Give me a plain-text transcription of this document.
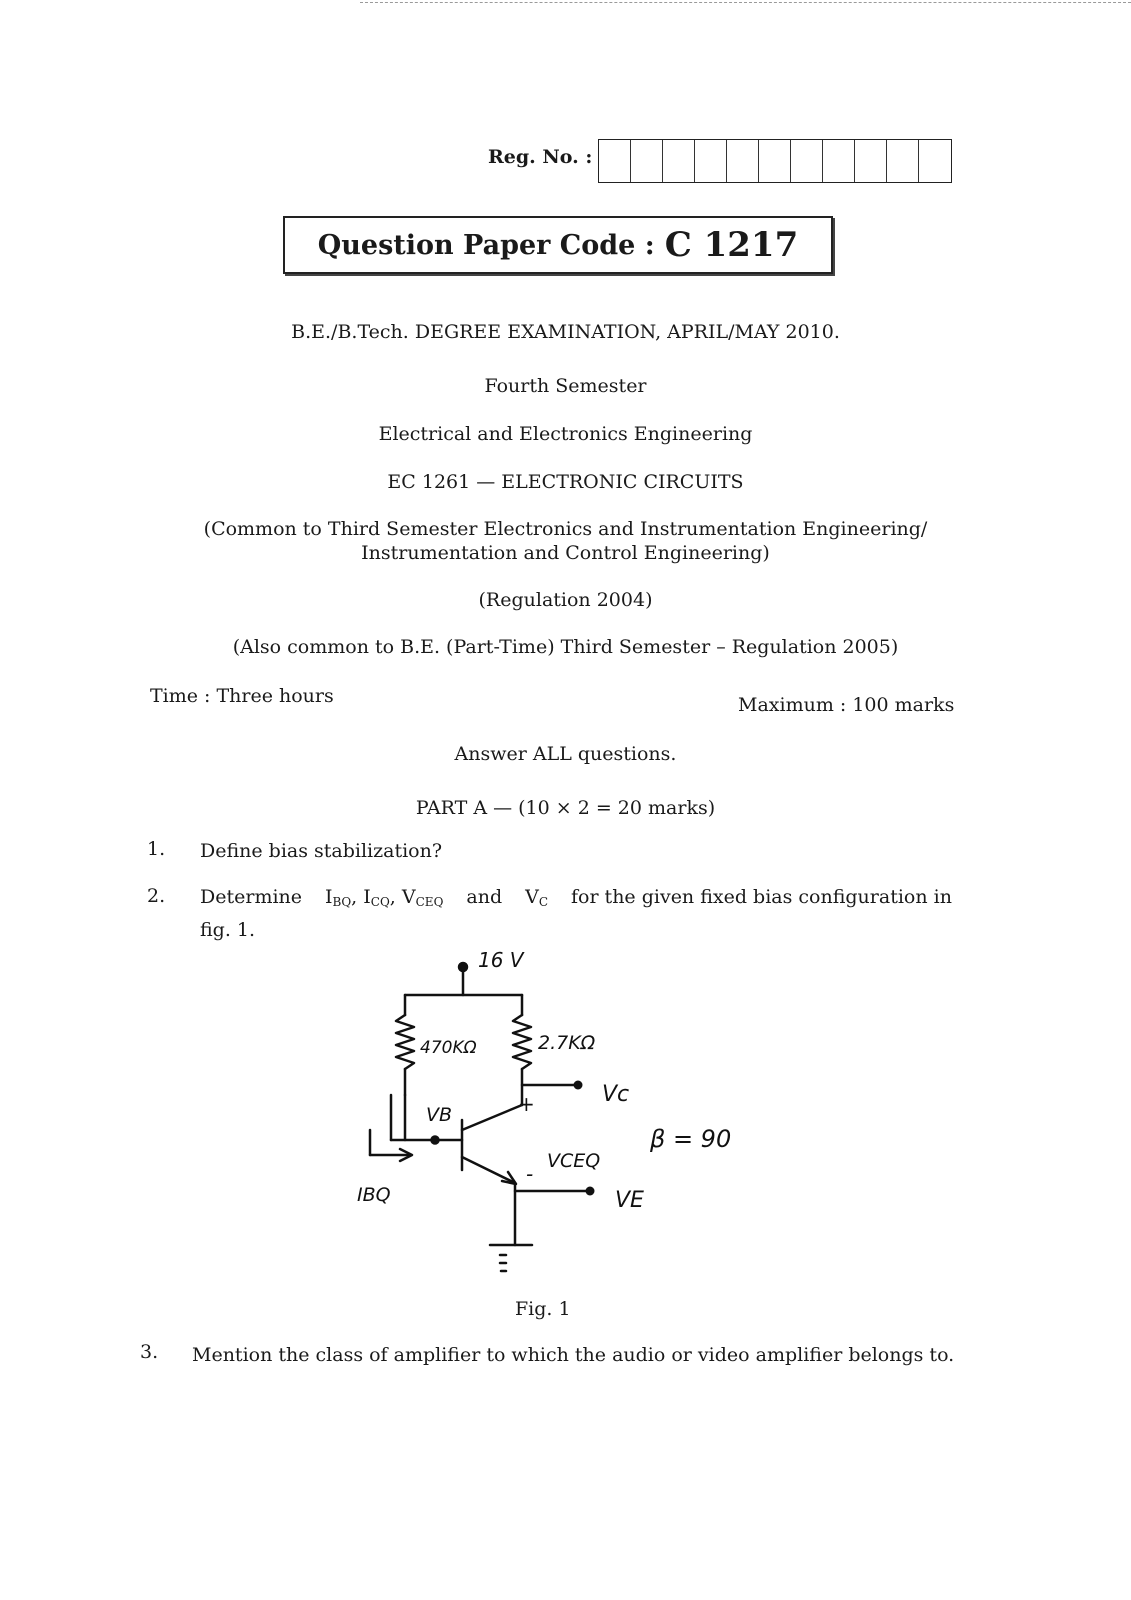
Reg. No. :
Question Paper Code : C 1217
B.E./B.Tech. DEGREE EXAMINATION, APRIL/MAY 2010.
Fourth Semester
Electrical and Electronics Engineering
EC 1261 — ELECTRONIC CIRCUITS
(Common to Third Semester Electronics and Instrumentation Engineering/
Instrumentation and Control Engineering)
(Regulation 2004)
(Also common to B.E. (Part-Time) Third Semester – Regulation 2005)
Time : Three hours	Maximum : 100 marks
Answer ALL questions.
PART A — (10 × 2 = 20 marks)
1. Define bias stabilization?
2. Determine $I_{BQ}$, $I_{CQ}$, $V_{CEQ}$ and $V_C$ for the given fixed bias configuration in
fig. 1.
16 V
470KΩ	2.7KΩ
Vc
VB	+
VCEQ
β = 90
-
IBQ	VE
Fig. 1
3. Mention the class of amplifier to which the audio or video amplifier belongs to.
